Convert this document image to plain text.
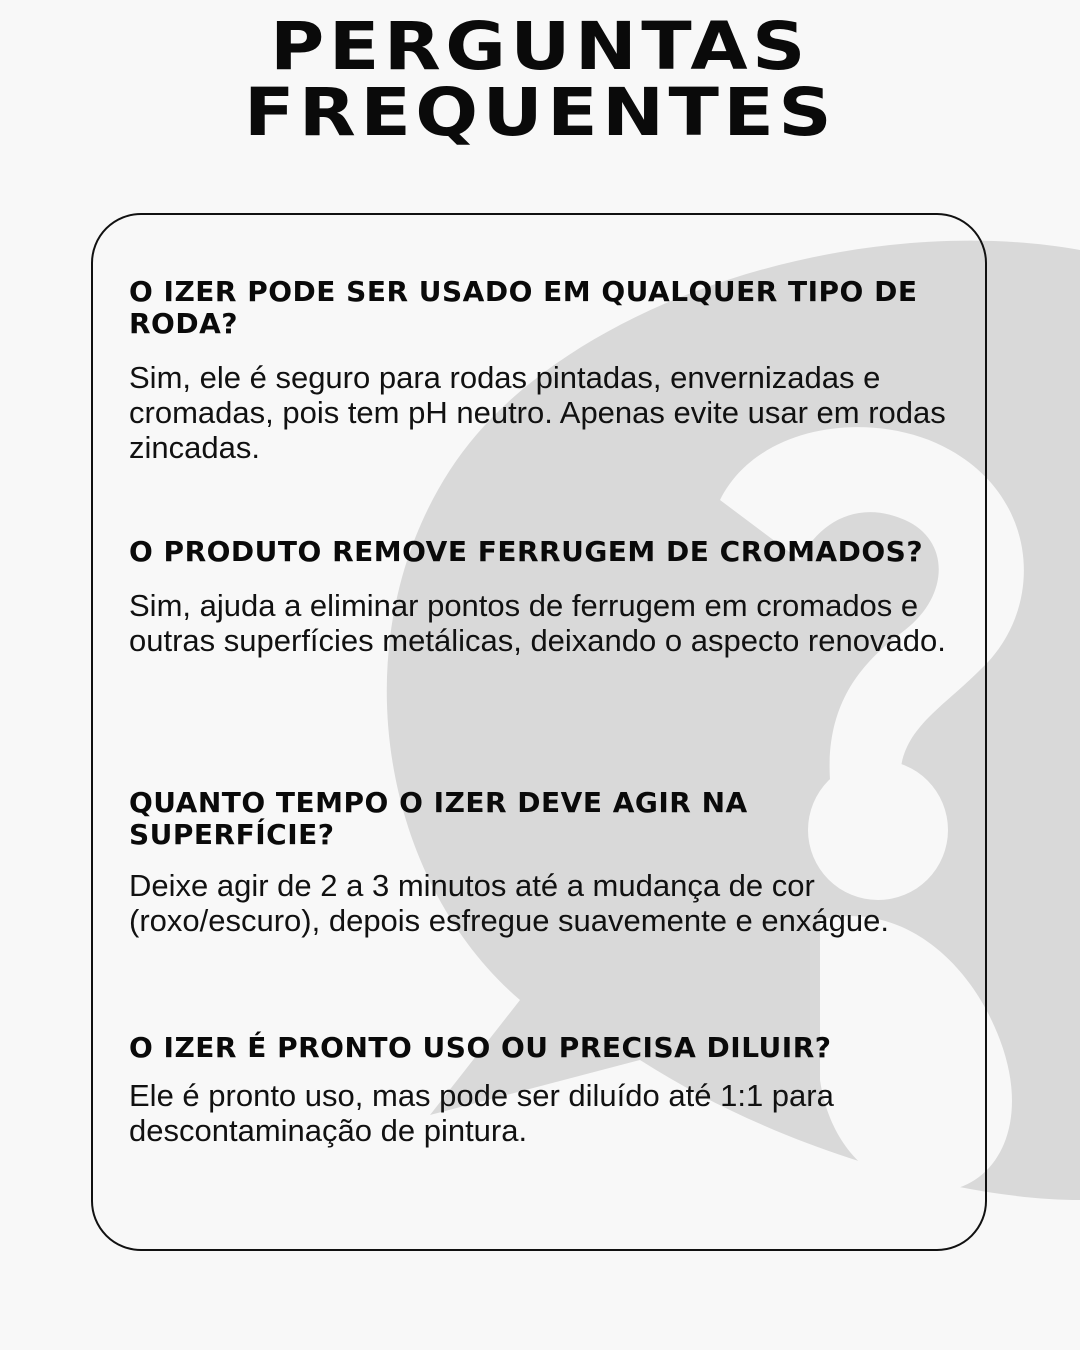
PERGUNTAS
FREQUENTES
O IZER PODE SER USADO EM QUALQUER TIPO DE RODA?

Sim, ele é seguro para rodas pintadas, envernizadas e cromadas, pois tem pH neutro. Apenas evite usar em rodas zincadas.

O PRODUTO REMOVE FERRUGEM DE CROMADOS?

Sim, ajuda a eliminar pontos de ferrugem em cromados e outras superfícies metálicas, deixando o aspecto renovado.

QUANTO TEMPO O IZER DEVE AGIR NA SUPERFÍCIE?

Deixe agir de 2 a 3 minutos até a mudança de cor (roxo/escuro), depois esfregue suavemente e enxágue.

O IZER É PRONTO USO OU PRECISA DILUIR?

Ele é pronto uso, mas pode ser diluído até 1:1 para descontaminação de pintura.
